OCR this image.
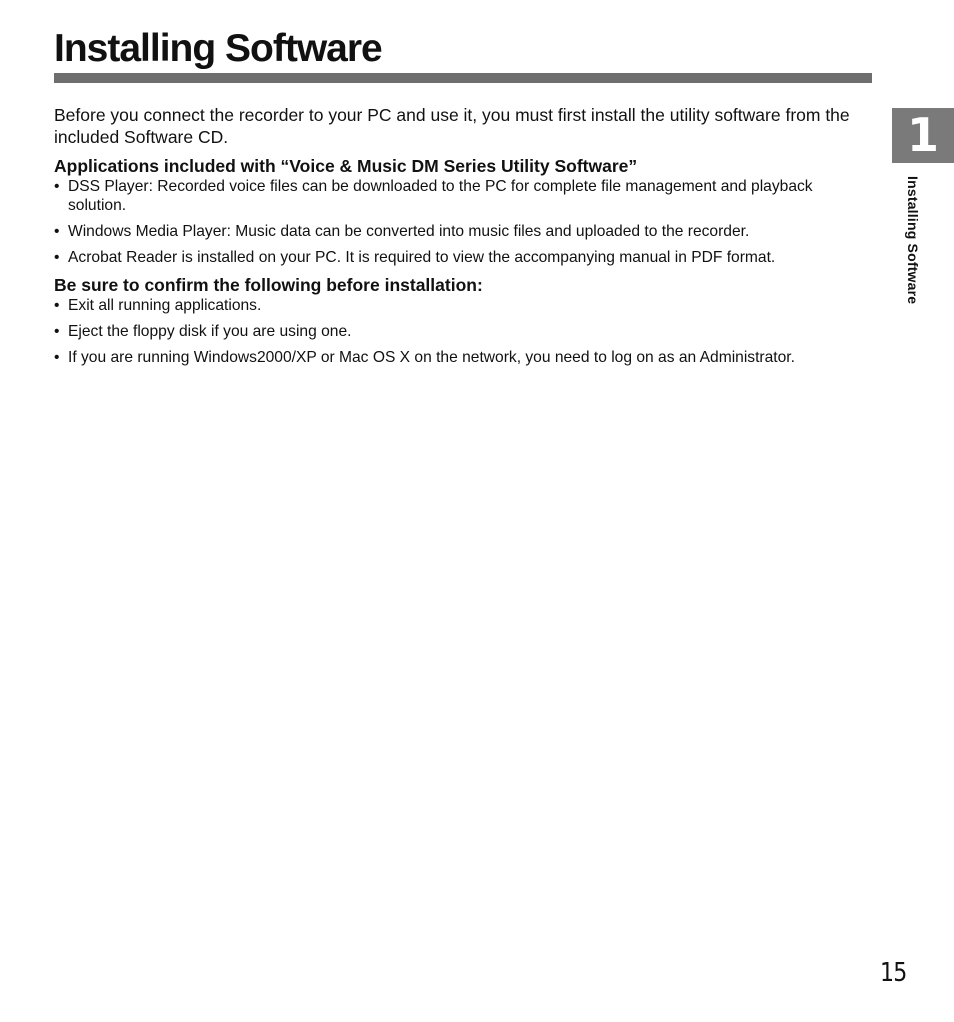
Installing Software
1
Installing Software

Before you connect the recorder to your PC and use it, you must first install the utility software from the included Software CD.

Applications included with “Voice & Music DM Series Utility Software”
• DSS Player: Recorded voice files can be downloaded to the PC for complete file management and playback solution.
• Windows Media Player: Music data can be converted into music files and uploaded to the recorder.
• Acrobat Reader is installed on your PC. It is required to view the accompanying manual in PDF format.
Be sure to confirm the following before installation:
• Exit all running applications.
• Eject the floppy disk if you are using one.
• If you are running Windows2000/XP or Mac OS X on the network, you need to log on as an Administrator.
15
